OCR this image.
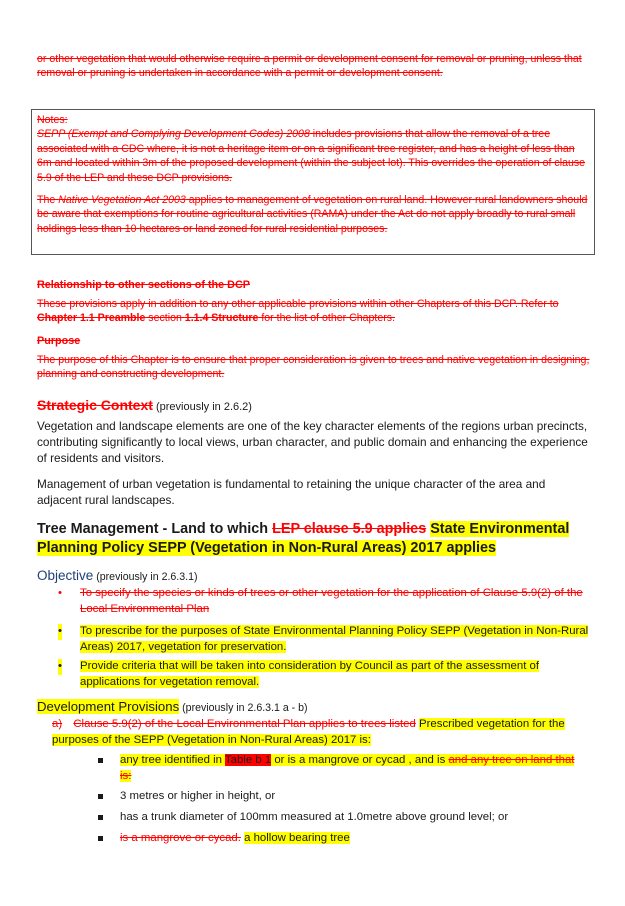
or other vegetation that would otherwise require a permit or development consent for removal or pruning, unless that removal or pruning is undertaken in accordance with a permit or development consent.
Notes:
SEPP (Exempt and Complying Development Codes) 2008 includes provisions that allow the removal of a tree associated with a CDC where, it is not a heritage item or on a significant tree register, and has a height of less than 6m and located within 3m of the proposed development (within the subject lot). This overrides the operation of clause 5.9 of the LEP and these DCP provisions.
The Native Vegetation Act 2003 applies to management of vegetation on rural land. However rural landowners should be aware that exemptions for routine agricultural activities (RAMA) under the Act do not apply broadly to rural small holdings less than 10 hectares or land zoned for rural residential purposes.
Relationship to other sections of the DCP
These provisions apply in addition to any other applicable provisions within other Chapters of this DCP. Refer to Chapter 1.1 Preamble section 1.1.4 Structure for the list of other Chapters.
Purpose
The purpose of this Chapter is to ensure that proper consideration is given to trees and native vegetation in designing, planning and constructing development.
Strategic Context (previously in 2.6.2)
Vegetation and landscape elements are one of the key character elements of the regions urban precincts, contributing significantly to local views, urban character, and public domain and enhancing the experience of residents and visitors.
Management of urban vegetation is fundamental to retaining the unique character of the area and adjacent rural landscapes.
Tree Management - Land to which LEP clause 5.9 applies State Environmental Planning Policy SEPP (Vegetation in Non-Rural Areas) 2017 applies
Objective (previously in 2.6.3.1)
• To specify the species or kinds of trees or other vegetation for the application of Clause 5.9(2) of the Local Environmental Plan
• To prescribe for the purposes of State Environmental Planning Policy SEPP (Vegetation in Non-Rural Areas) 2017, vegetation for preservation.
• Provide criteria that will be taken into consideration by Council as part of the assessment of applications for vegetation removal.
Development Provisions (previously in 2.6.3.1 a - b)
a) Clause 5.9(2) of the Local Environmental Plan applies to trees listed Prescribed vegetation for the purposes of the SEPP (Vegetation in Non-Rural Areas) 2017 is:
any tree identified in Table b 1 or is a mangrove or cycad , and is and any tree on land that is:
3 metres or higher in height, or
has a trunk diameter of 100mm measured at 1.0metre above ground level; or
is a mangrove or cycad. a hollow bearing tree
